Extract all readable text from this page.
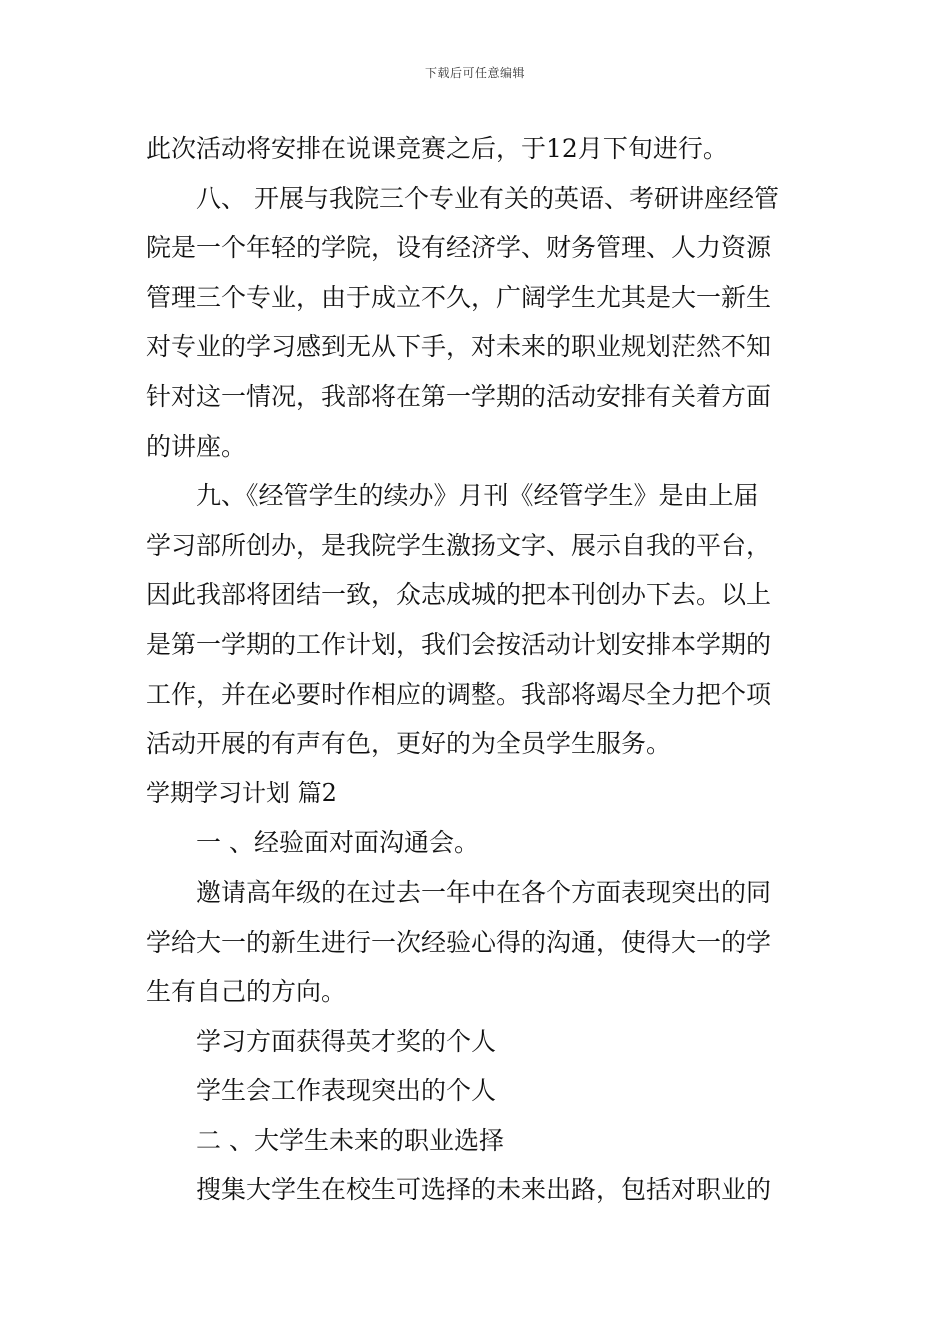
下载后可任意编辑
此次活动将安排在说课竞赛之后，于12月下旬进行。
八、 开展与我院三个专业有关的英语、考研讲座经管
院是一个年轻的学院，设有经济学、财务管理、人力资源
管理三个专业，由于成立不久，广阔学生尤其是大一新生
对专业的学习感到无从下手，对未来的职业规划茫然不知
针对这一情况，我部将在第一学期的活动安排有关着方面
的讲座。
九、《经管学生的续办》月刊《经管学生》是由上届
学习部所创办，是我院学生激扬文字、展示自我的平台，
因此我部将团结一致，众志成城的把本刊创办下去。以上
是第一学期的工作计划，我们会按活动计划安排本学期的
工作，并在必要时作相应的调整。我部将竭尽全力把个项
活动开展的有声有色，更好的为全员学生服务。
学期学习计划 篇2
一 、经验面对面沟通会。
邀请高年级的在过去一年中在各个方面表现突出的同
学给大一的新生进行一次经验心得的沟通，使得大一的学
生有自己的方向。
学习方面获得英才奖的个人
学生会工作表现突出的个人
二 、大学生未来的职业选择
搜集大学生在校生可选择的未来出路，包括对职业的
